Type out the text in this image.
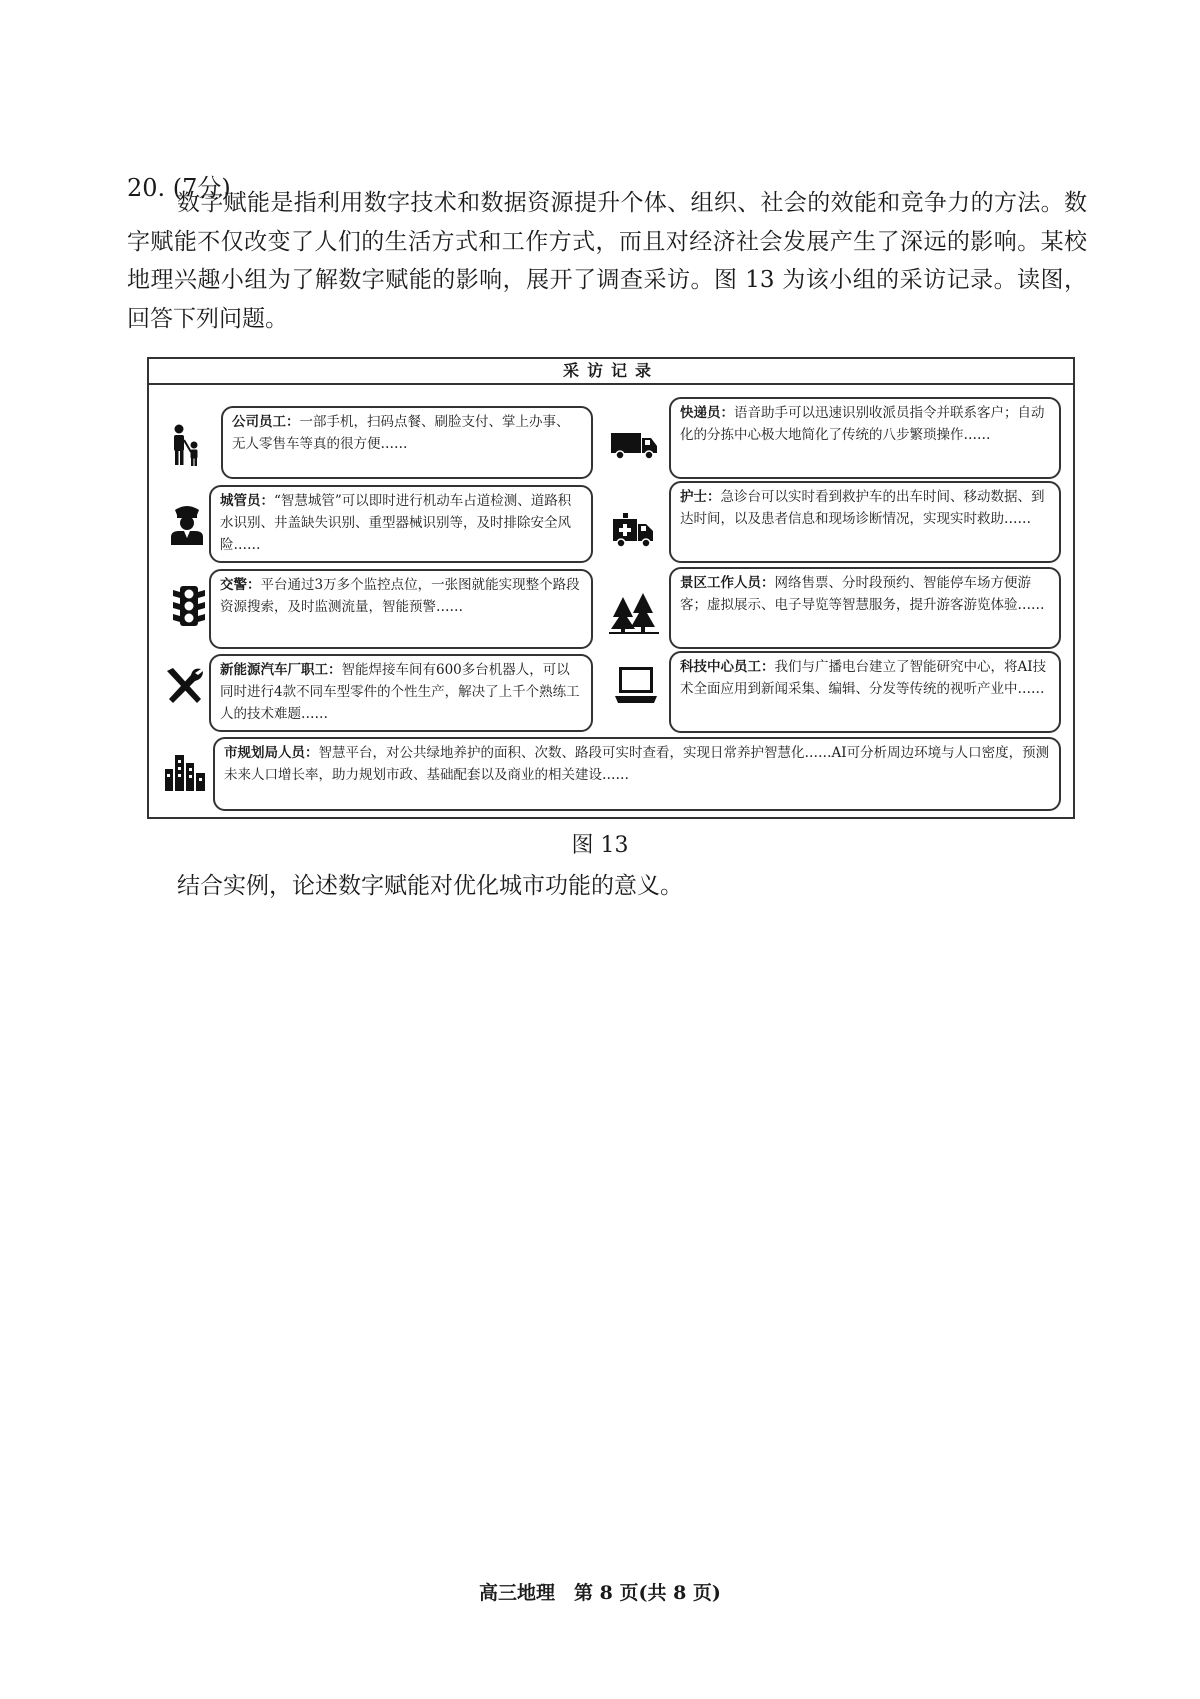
20. (7分)

数字赋能是指利用数字技术和数据资源提升个体、组织、社会的效能和竞争力的方法。数字赋能不仅改变了人们的生活方式和工作方式，而且对经济社会发展产生了深远的影响。某校地理兴趣小组为了解数字赋能的影响，展开了调查采访。图 13 为该小组的采访记录。读图，回答下列问题。

采访记录
公司员工：一部手机，扫码点餐、刷脸支付、掌上办事、无人零售车等真的很方便……
快递员：语音助手可以迅速识别收派员指令并联系客户；自动化的分拣中心极大地简化了传统的八步繁琐操作……
城管员：“智慧城管”可以即时进行机动车占道检测、道路积水识别、井盖缺失识别、重型器械识别等，及时排除安全风险……
护士：急诊台可以实时看到救护车的出车时间、移动数据、到达时间，以及患者信息和现场诊断情况，实现实时救助……
交警：平台通过3万多个监控点位，一张图就能实现整个路段资源搜索，及时监测流量，智能预警……
景区工作人员：网络售票、分时段预约、智能停车场方便游客；虚拟展示、电子导览等智慧服务，提升游客游览体验……
新能源汽车厂职工：智能焊接车间有600多台机器人，可以同时进行4款不同车型零件的个性生产，解决了上千个熟练工人的技术难题……
科技中心员工：我们与广播电台建立了智能研究中心，将AI技术全面应用到新闻采集、编辑、分发等传统的视听产业中……
市规划局人员：智慧平台，对公共绿地养护的面积、次数、路段可实时查看，实现日常养护智慧化……AI可分析周边环境与人口密度，预测未来人口增长率，助力规划市政、基础配套以及商业的相关建设……
图 13
结合实例，论述数字赋能对优化城市功能的意义。
高三地理　第 8 页(共 8 页)
